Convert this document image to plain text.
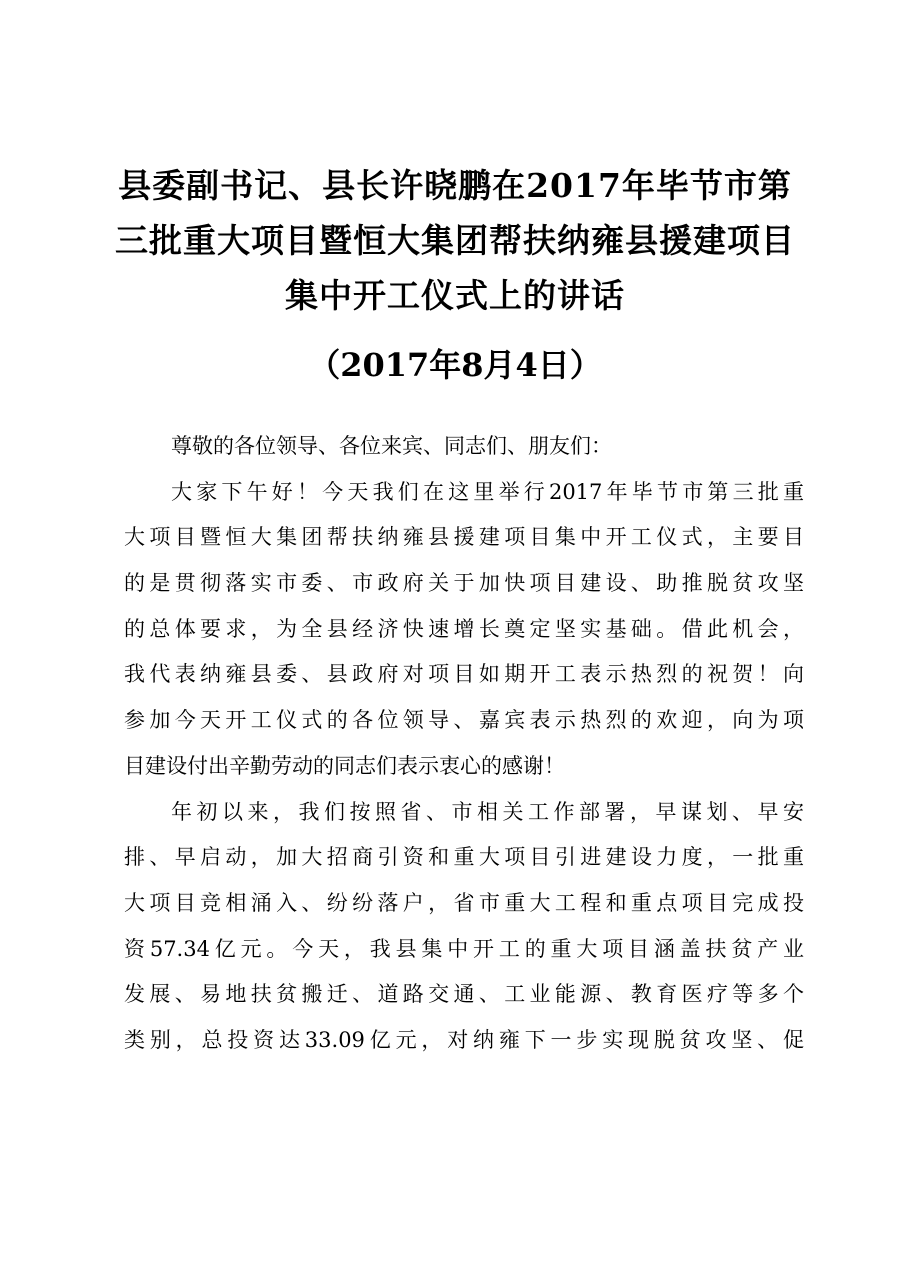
县委副书记、县长许晓鹏在2017年毕节市第
三批重大项目暨恒大集团帮扶纳雍县援建项目
集中开工仪式上的讲话

（2017年8月4日）

尊敬的各位领导、各位来宾、同志们、朋友们：

大家下午好！今天我们在这里举行2017年毕节市第三批重
大项目暨恒大集团帮扶纳雍县援建项目集中开工仪式，主要目
的是贯彻落实市委、市政府关于加快项目建设、助推脱贫攻坚
的总体要求，为全县经济快速增长奠定坚实基础。借此机会，
我代表纳雍县委、县政府对项目如期开工表示热烈的祝贺！向
参加今天开工仪式的各位领导、嘉宾表示热烈的欢迎，向为项
目建设付出辛勤劳动的同志们表示衷心的感谢！

年初以来，我们按照省、市相关工作部署，早谋划、早安
排、早启动，加大招商引资和重大项目引进建设力度，一批重
大项目竞相涌入、纷纷落户，省市重大工程和重点项目完成投
资57.34亿元。今天，我县集中开工的重大项目涵盖扶贫产业
发展、易地扶贫搬迁、道路交通、工业能源、教育医疗等多个
类别，总投资达33.09亿元，对纳雍下一步实现脱贫攻坚、促
